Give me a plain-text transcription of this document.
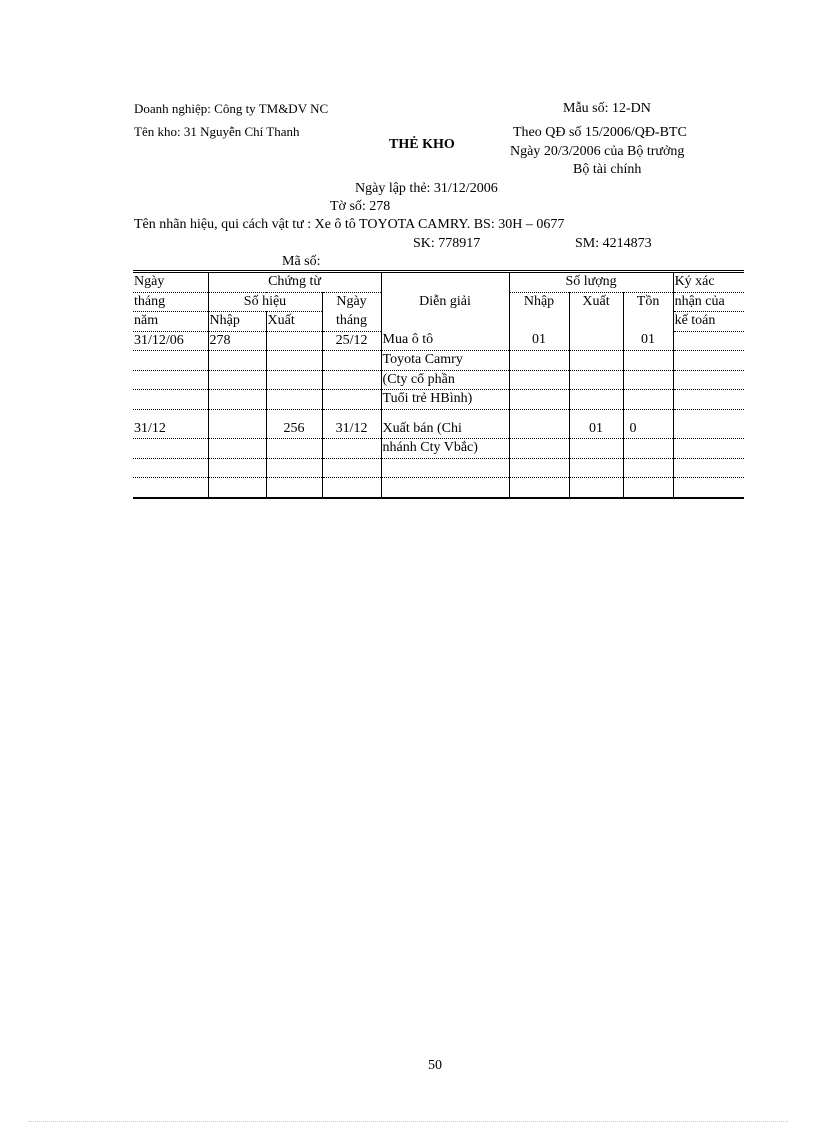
Doanh nghiệp: Công ty TM&DV NC
Tên kho: 31 Nguyễn Chí Thanh
THẺ KHO
Mẫu số: 12-DN
Theo QĐ số 15/2006/QĐ-BTC
Ngày 20/3/2006 của Bộ trưởng
Bộ tài chính
Ngày lập thẻ: 31/12/2006
Tờ số: 278
Tên nhãn hiệu, qui cách vật tư : Xe ô tô TOYOTA CAMRY. BS: 30H – 0677
SK: 778917	SM: 4214873
Mã số:
Ngày	Chứng từ			Diễn giải	Số lượng			Ký xác
tháng	Số hiệu		Ngày		Nhập	Xuất	Tồn	nhận của
năm	Nhập	Xuất	tháng					kế toán
31/12/06	278		25/12	Mua ô tô	01		01	
				Toyota Camry				
				(Cty cổ phần				
				Tuổi trẻ HBình)				

31/12		256	31/12	Xuất bán (Chi		01	0	
				nhánh Cty Vbắc)				

50
